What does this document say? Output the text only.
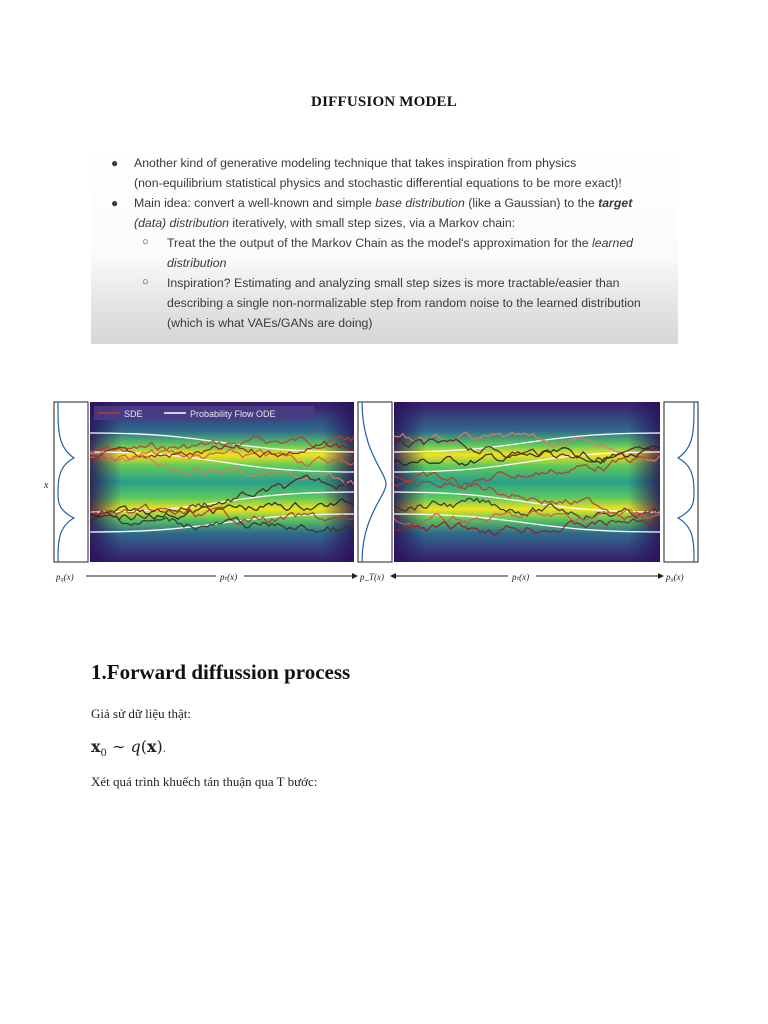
DIFFUSION MODEL
● Another kind of generative modeling technique that takes inspiration from physics
(non-equilibrium statistical physics and stochastic differential equations to be more exact)!
● Main idea: convert a well-known and simple base distribution (like a Gaussian) to the target
(data) distribution iteratively, with small step sizes, via a Markov chain:
○ Treat the the output of the Markov Chain as the model's approximation for the learned
distribution
○ Inspiration? Estimating and analyzing small step sizes is more tractable/easier than
describing a single non-normalizable step from random noise to the learned distribution
(which is what VAEs/GANs are doing)
SDE	Probability Flow ODE
x
p₀(x)	pₜ(x)	p_T(x)	pₜ(x)	p₀(x)
1.Forward diffussion process
Giả sử dữ liệu thật:
$x_0$ ∼ q(x).
Xét quá trình khuếch tán thuận qua T bước:
